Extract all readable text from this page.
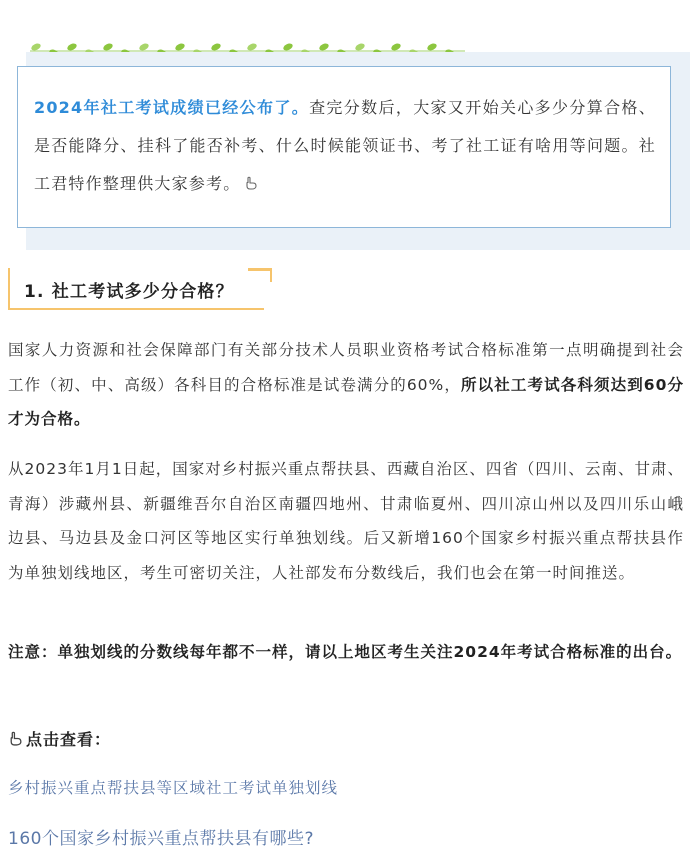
2024年社工考试成绩已经公布了。查完分数后，大家又开始关心多少分算合格、是否能降分、挂科了能否补考、什么时候能领证书、考了社工证有啥用等问题。社工君特作整理供大家参考。

1. 社工考试多少分合格？

国家人力资源和社会保障部门有关部分技术人员职业资格考试合格标准第一点明确提到社会工作（初、中、高级）各科目的合格标准是试卷满分的60%，所以社工考试各科须达到60分才为合格。

从2023年1月1日起，国家对乡村振兴重点帮扶县、西藏自治区、四省（四川、云南、甘肃、青海）涉藏州县、新疆维吾尔自治区南疆四地州、甘肃临夏州、四川凉山州以及四川乐山峨边县、马边县及金口河区等地区实行单独划线。后又新增160个国家乡村振兴重点帮扶县作为单独划线地区，考生可密切关注，人社部发布分数线后，我们也会在第一时间推送。

注意：单独划线的分数线每年都不一样，请以上地区考生关注2024年考试合格标准的出台。

点击查看：
乡村振兴重点帮扶县等区域社工考试单独划线
160个国家乡村振兴重点帮扶县有哪些?
